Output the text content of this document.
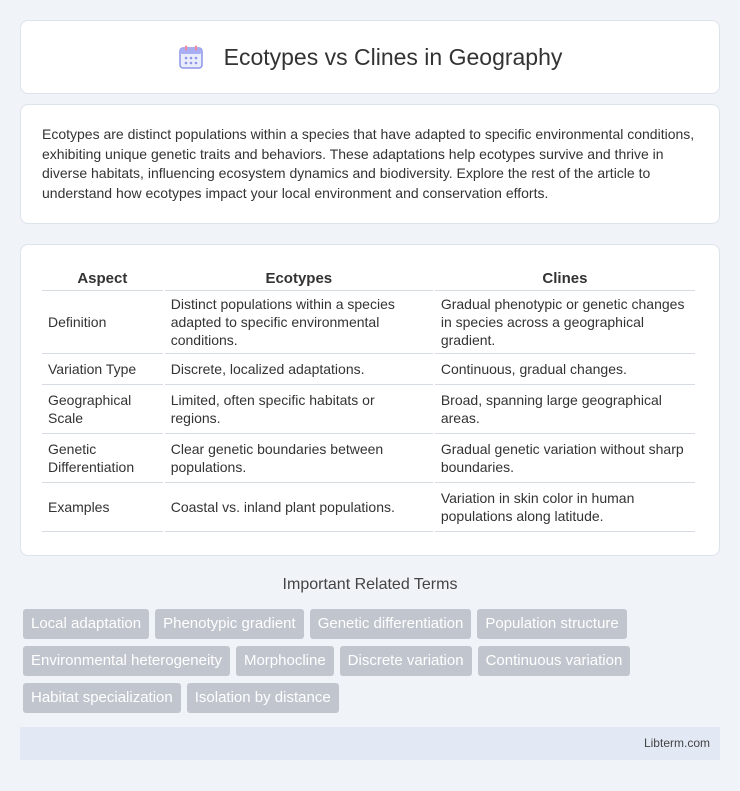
Ecotypes vs Clines in Geography

Ecotypes are distinct populations within a species that have adapted to specific environmental conditions, exhibiting unique genetic traits and behaviors. These adaptations help ecotypes survive and thrive in diverse habitats, influencing ecosystem dynamics and biodiversity. Explore the rest of the article to understand how ecotypes impact your local environment and conservation efforts.

Aspect	Ecotypes	Clines
Definition	Distinct populations within a species adapted to specific environmental conditions.	Gradual phenotypic or genetic changes in species across a geographical gradient.
Variation Type	Discrete, localized adaptations.	Continuous, gradual changes.
Geographical Scale	Limited, often specific habitats or regions.	Broad, spanning large geographical areas.
Genetic Differentiation	Clear genetic boundaries between populations.	Gradual genetic variation without sharp boundaries.
Examples	Coastal vs. inland plant populations.	Variation in skin color in human populations along latitude.
Important Related Terms
Local adaptation	Phenotypic gradient	Genetic differentiation	Population structure
Environmental heterogeneity	Morphocline	Discrete variation	Continuous variation
Habitat specialization	Isolation by distance
Libterm.com
